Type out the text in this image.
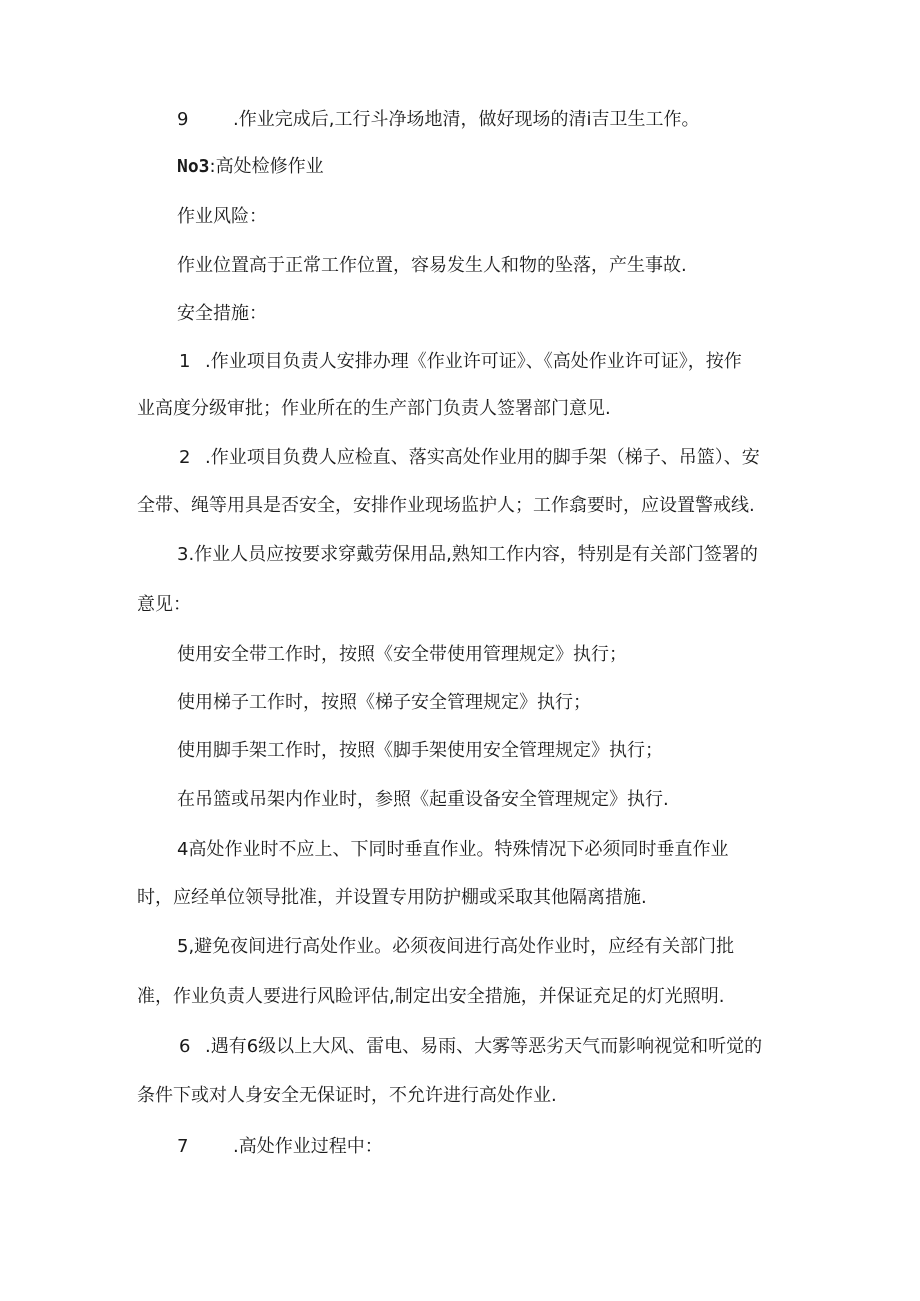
9 .作业完成后,工行斗净场地清，做好现场的清i吉卫生工作。
No3:高处检修作业
作业风险：
作业位置高于正常工作位置，容易发生人和物的坠落，产生事故.
安全措施：
1 .作业项目负责人安排办理《作业许可证》、《高处作业许可证》，按作
业高度分级审批；作业所在的生产部门负责人签署部门意见.
2 .作业项目负费人应检直、落实高处作业用的脚手架（梯子、吊篮）、安
全带、绳等用具是否安全，安排作业现场监护人；工作翕要时，应设置警戒线.
3.作业人员应按要求穿戴劳保用品,熟知工作内容，特别是有关部门签署的
意见：
使用安全带工作时，按照《安全带使用管理规定》执行；
使用梯子工作时，按照《梯子安全管理规定》执行；
使用脚手架工作时，按照《脚手架使用安全管理规定》执行；
在吊篮或吊架内作业时，参照《起重设备安全管理规定》执行.
4高处作业时不应上、下同时垂直作业。特殊情况下必须同时垂直作业
时，应经单位领导批准，并设置专用防护棚或采取其他隔离措施.
5,避免夜间进行高处作业。必须夜间进行高处作业时，应经有关部门批
准，作业负责人要进行风睑评估,制定出安全措施，并保证充足的灯光照明.
6 .遇有6级以上大风、雷电、易雨、大雾等恶劣天气而影响视觉和听觉的
条件下或对人身安全无保证时，不允许进行高处作业.
7 .高处作业过程中：
